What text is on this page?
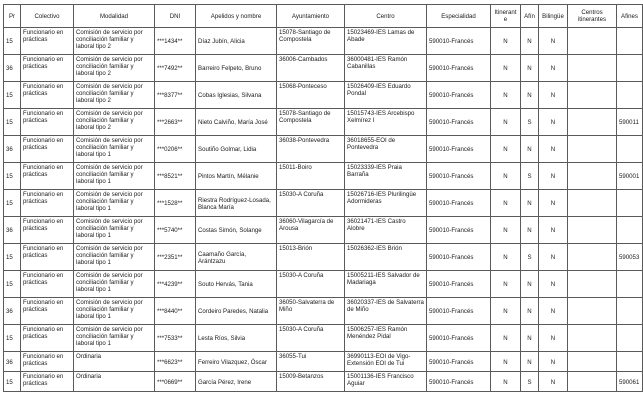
Pr	Colectivo	Modalidad	DNI	Apelidos y nombre	Ayuntamiento	Centro	Especialidad	Itinerante	Afín	Bilingüe	Centros itinerantes	Afines
15	Funcionario en prácticas	Comisión de servicio por conciliación familiar y laboral tipo 2	***1434**	Díaz Jubín, Alicia	15078-Santiago de Compostela	15023469-IES Lamas de Abade	590010-Francés	N	N	N		
36	Funcionario en prácticas	Comisión de servicio por conciliación familiar y laboral tipo 2	***7492**	Barreiro Felpeto, Bruno	36006-Cambados	36000481-IES Ramón Cabanillas	590010-Francés	N	N	N		
15	Funcionario en prácticas	Comisión de servicio por conciliación familiar y laboral tipo 2	***8377**	Cobas Iglesias, Silvana	15068-Pontecesо	15026409-IES Eduardo Pondal	590010-Francés	N	N	N		
15	Funcionario en prácticas	Comisión de servicio por conciliación familiar y laboral tipo 2	***2663**	Nieto Calviño, María José	15078-Santiago de Compostela	15015743-IES Arcebispo Xelmírez I	590010-Francés	N	S	N		590011
36	Funcionario en prácticas	Comisión de servicio por conciliación familiar y laboral tipo 1	***0206**	Soutiño Golmar, Lidia	36038-Pontevedra	36018655-EOI de Pontevedra	590010-Francés	N	N	N		
15	Funcionario en prácticas	Comisión de servicio por conciliación familiar y laboral tipo 1	***8521**	Pintos Martín, Mélanie	15011-Boiro	15023339-IES Praia Barraña	590010-Francés	N	S	N		590001
15	Funcionario en prácticas	Comisión de servicio por conciliación familiar y laboral tipo 1	***1528**	Riestra Rodríguez-Losada, Blanca María	15030-A Coruña	15026716-IES Plurilingüe Adormideras	590010-Francés	N	N	N		
36	Funcionario en prácticas	Comisión de servicio por conciliación familiar y laboral tipo 1	***5740**	Costas Simón, Solange	36060-Vilagarcía de Arousa	36021471-IES Castro Alobre	590010-Francés	N	N	N		
15	Funcionario en prácticas	Comisión de servicio por conciliación familiar y laboral tipo 1	***2351**	Caamaño García, Arántzazu	15013-Brión	15026362-IES Brión	590010-Francés	N	S	N		590053
15	Funcionario en prácticas	Comisión de servicio por conciliación familiar y laboral tipo 1	***4239**	Souto Hervás, Tania	15030-A Coruña	15005211-IES Salvador de Madariaga	590010-Francés	N	N	N		
36	Funcionario en prácticas	Comisión de servicio por conciliación familiar y laboral tipo 1	***8440**	Cordeiro Paredes, Natalia	36050-Salvaterra de Miño	36020337-IES de Salvaterra de Miño	590010-Francés	N	N	N		
15	Funcionario en prácticas	Comisión de servicio por conciliación familiar y laboral tipo 1	***7533**	Lesta Ríos, Silvia	15030-A Coruña	15006257-IES Ramón Menéndez Pidal	590010-Francés	N	N	N		
36	Funcionario en prácticas	Ordinaria	***6623**	Ferreiro Vilazquez, Óscar	36055-Tui	36990113-EOI de Vigo-Extensión EOI de Tui	590010-Francés	N	N	N		
15	Funcionario en prácticas	Ordinaria	***0669**	García Pérez, Irene	15009-Betanzos	15001136-IES Francisco Aguiar	590010-Francés	N	S	N		590061
